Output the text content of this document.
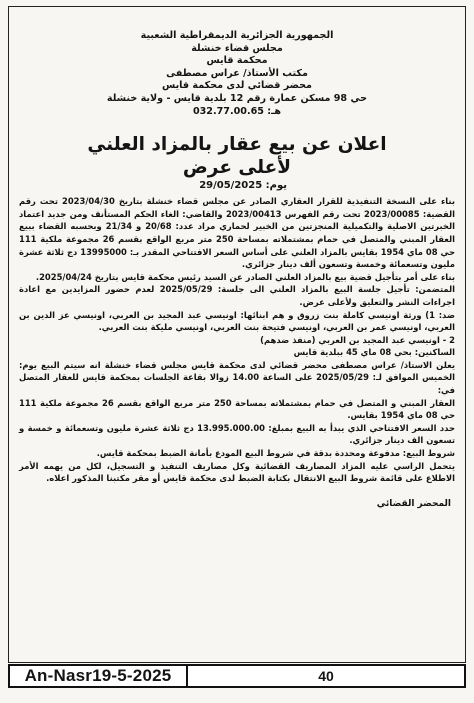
الجمهورية الجزائرية الديمقراطية الشعبية
مجلس قضاء خنشلة
محكمة قايس
مكتب الأستاذ/ عراس مصطفى
محضر قضائي لدى محكمة قايس
حي 98 مسكن عمارة رقم 12 بلدية قايس - ولاية خنشلة
هـ: 032.77.00.65
اعلان عن بيع عقار بالمزاد العلني
لأعلى عرض
يوم: 29/05/2025

بناء على النسخة التنفيذية للقرار العقاري الصادر عن مجلس قضاء خنشلة بتاريخ 2023/04/30 تحت رقم القضية: 2023/00085 تحت رقم الفهرس 2023/00413 والقاضي: الغاء الحكم المستأنف ومن جديد اعتماد الخبرتين الاصلية والتكميلية المنجزتين من الخبير لحماري مراد عدد: 20/68 و 21/34 وبحسبه القضاء ببيع العقار المبني والمتصل في حمام بمشتملاته بمساحة 250 متر مربع الواقع بقسم 26 مجموعة ملكية 111 حي 08 ماي 1954 بقايس بالمزاد العلني على أساس السعر الافتتاحي المقدر بـ: 13995000 دج ثلاثة عشرة مليون وتسعمائة وخمسة وتسعون ألف دينار جزائري.

بناء على أمر بتأجيل قضية بيع بالمزاد العلني الصادر عن السيد رئيس محكمة قايس بتاريخ 2025/04/24.

المتضمن: تأجيل جلسة البيع بالمزاد العلني الى جلسة: 2025/05/29 لعدم حضور المزايدين مع اعادة اجراءات النشر والتعليق ولأعلى عرض.

ضد: 1) ورثة اونيسي كاملة بنت زروق و هم ابنائها: اونيسي عبد المجيد بن العربي، اونيسي عز الدين بن العربي، اونيسي عمر بن العربي، اونيسي فتيحة بنت العربي، اونيسي مليكة بنت العربي.

2 - اونيسي عبد المجيد بن العربي (منفذ ضدهم)

الساكنين: بحي 08 ماي 45 ببلدية قايس

يعلن الاستاذ/ عراس مصطفى محضر قضائي لدى محكمة قايس مجلس قضاء خنشلة انه سيتم البيع يوم: الخميس الموافق لـ: 2025/05/29 على الساعة 14.00 زوالا بقاعة الجلسات بمحكمة قايس للعقار المتصل في:

العقار المبني و المتصل في حمام بمشتملاته بمساحة 250 متر مربع الواقع بقسم 26 مجموعة ملكية 111 حي 08 ماي 1954 بقايس.

حدد السعر الافتتاحي الذي يبدأ به البيع بمبلغ: 13.995.000.00 دج ثلاثة عشرة مليون وتسعمائة و خمسة و تسعون الف دينار جزائري.

شروط البيع: مدفوعة ومحددة بدقة في شروط البيع المودع بأمانة الضبط بمحكمة قايس.

يتحمل الراسي عليه المزاد المصاريف القضائية وكل مصاريف التنفيذ و التسجيل، لكل من يهمه الأمر الاطلاع على قائمة شروط البيع الانتقال بكتابة الضبط لدى محكمة قايس أو مقر مكتبنا المذكور اعلاه.

المحضر القضائي
An-Nasr19-5-2025	40
